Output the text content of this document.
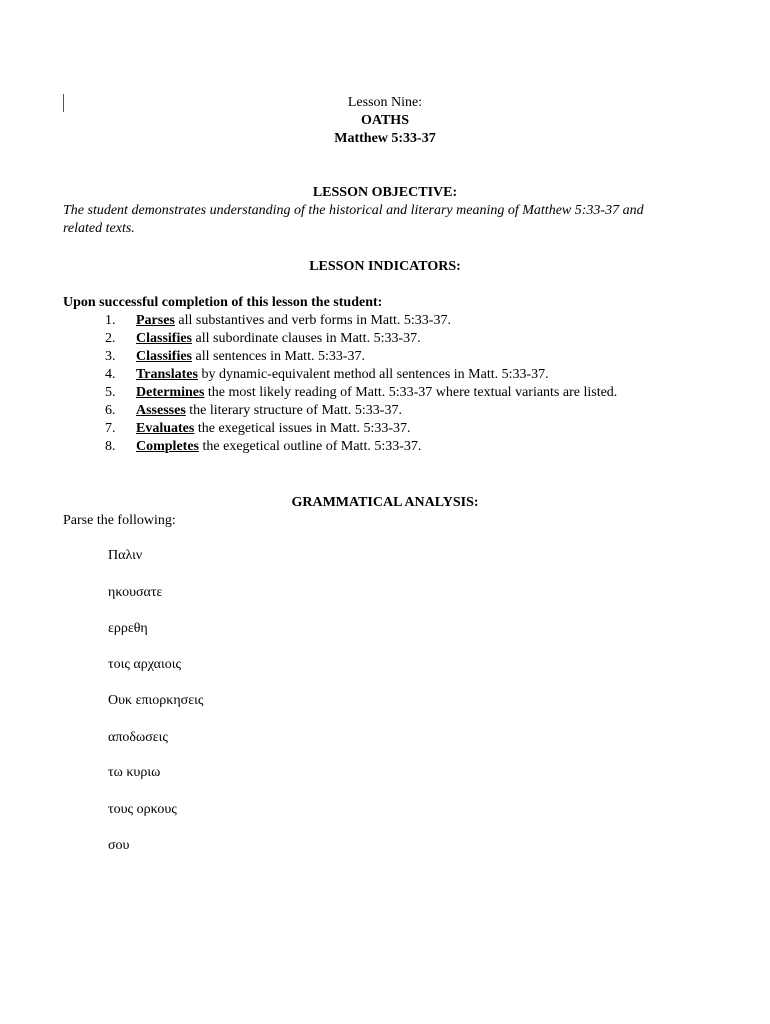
Lesson Nine:
OATHS
Matthew 5:33-37
LESSON OBJECTIVE:
The student demonstrates understanding of the historical and literary meaning of Matthew 5:33-37 and
related texts.
LESSON INDICATORS:
Upon successful completion of this lesson the student:
1.	Parses all substantives and verb forms in Matt. 5:33-37.
2.	Classifies all subordinate clauses in Matt. 5:33-37.
3.	Classifies all sentences in Matt. 5:33-37.
4.	Translates by dynamic-equivalent method all sentences in Matt. 5:33-37.
5.	Determines the most likely reading of Matt. 5:33-37 where textual variants are listed.
6.	Assesses the literary structure of Matt. 5:33-37.
7.	Evaluates the exegetical issues in Matt. 5:33-37.
8.	Completes the exegetical outline of Matt. 5:33-37.
GRAMMATICAL ANALYSIS:
Parse the following:
Παλιν
ηκουσατε
ερρεθη
τοις αρχαιοις
Ουκ επιορκησεις
αποδωσεις
τω κυριω
τους ορκους
σου
